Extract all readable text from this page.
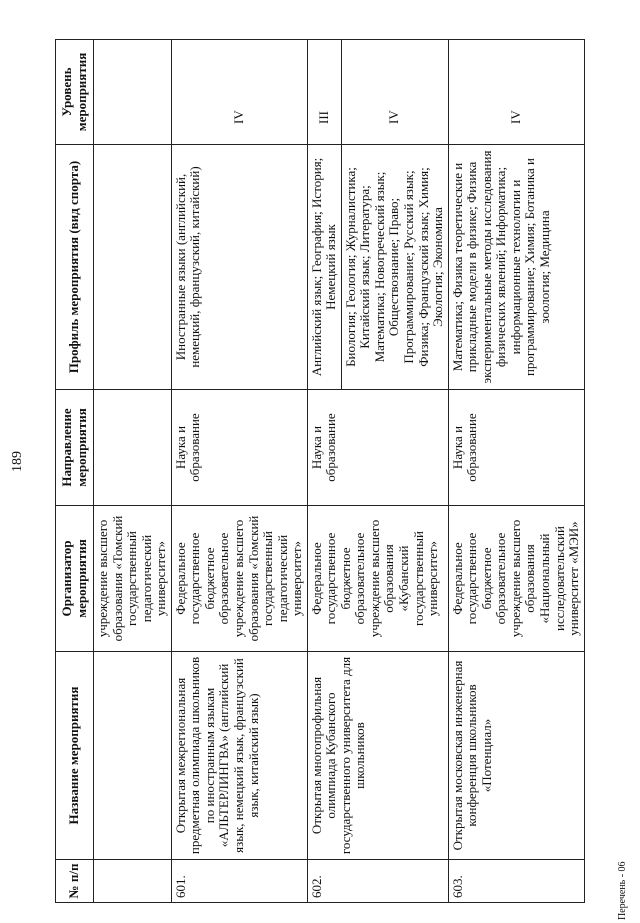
189
№ п/п	Название мероприятия	Организатор мероприятия	Направление мероприятия	Профиль мероприятия (вид спорта)	Уровень мероприятия
		учреждение высшего образования «Томский государственный педагогический университет»			
601.	Открытая межрегиональная предметная олимпиада школьников по иностранным языкам «АЛЬТЕРЛИНГВА» (английский язык, немецкий язык, французский язык, китайский язык)	Федеральное государственное бюджетное образовательное учреждение высшего образования «Томский государственный педагогический университет»	Наука и образование	Иностранные языки (английский, немецкий, французский, китайский)	IV
602.	Открытая многопрофильная олимпиада Кубанского государственного университета для школьников	Федеральное государственное бюджетное образовательное учреждение высшего образования «Кубанский государственный университет»	Наука и образование	Английский язык; География; История; Немецкий язык	III
				Биология; Геология; Журналистика; Китайский язык; Литература; Математика; Новогреческий язык; Обществознание; Право; Программирование; Русский язык; Физика; Французский язык; Химия; Экология; Экономика	IV
603.	Открытая московская инженерная конференция школьников «Потенциал»	Федеральное государственное бюджетное образовательное учреждение высшего образования «Национальный исследовательский университет «МЭИ»	Наука и образование	Математика; Физика теоретические и прикладные модели в физике; Физика экспериментальные методы исследования физических явлений; Информатика; информационные технологии и программирование; Химия; Ботаника и зоология; Медицина	IV
Перечень - 06
